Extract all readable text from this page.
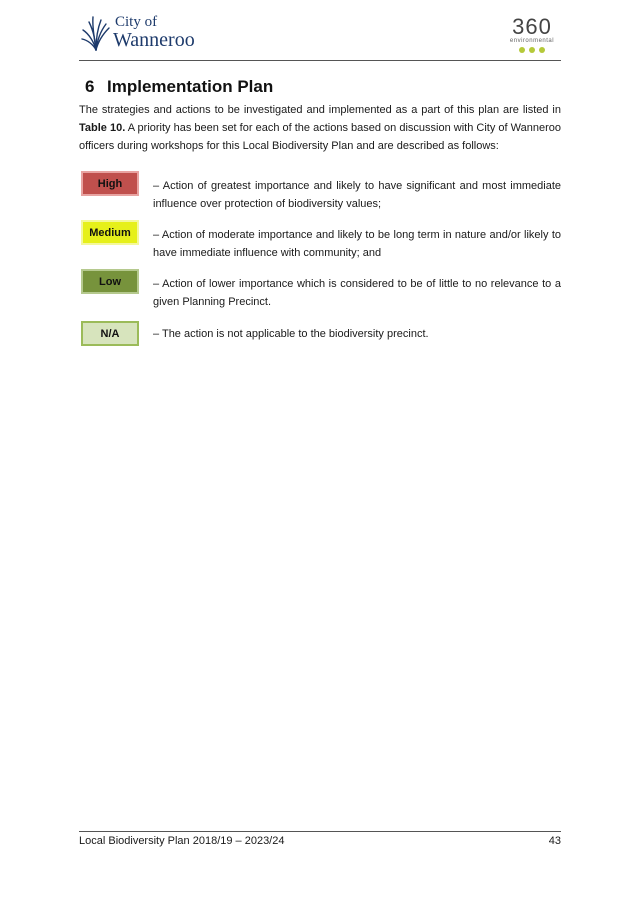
City of
Wanneroo
360
environmental
6 Implementation Plan
The strategies and actions to be investigated and implemented as a part of this plan are listed in Table 10. A priority has been set for each of the actions based on discussion with City of Wanneroo officers during workshops for this Local Biodiversity Plan and are described as follows:
High	– Action of greatest importance and likely to have significant and most immediate influence over protection of biodiversity values;
Medium	– Action of moderate importance and likely to be long term in nature and/or likely to have immediate influence with community; and
Low	– Action of lower importance which is considered to be of little to no relevance to a given Planning Precinct.
N/A	– The action is not applicable to the biodiversity precinct.
Local Biodiversity Plan 2018/19 – 2023/24	43
